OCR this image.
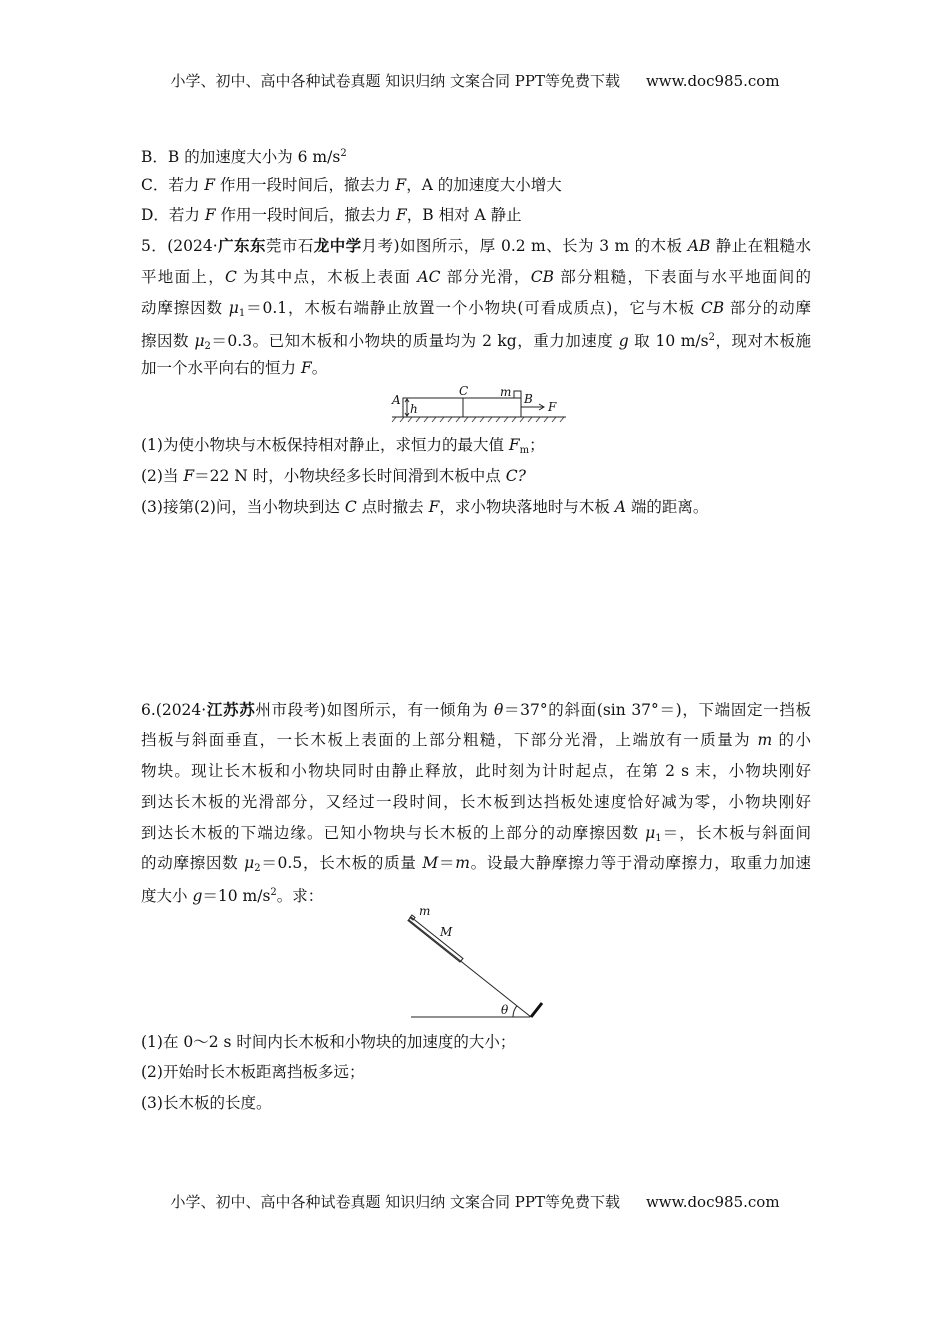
小学、初中、高中各种试卷真题 知识归纳 文案合同 PPT等免费下载 www.doc985.com
B．B 的加速度大小为 6 $m/s^2$
C．若力 F 作用一段时间后，撤去力 F，A 的加速度大小增大
D．若力 F 作用一段时间后，撤去力 F，B 相对 A 静止
5．(2024·广东东莞市石龙中学月考)如图所示，厚 0.2 m、长为 3 m 的木板 AB 静止在粗糙水
平地面上，C 为其中点，木板上表面 AC 部分光滑，CB 部分粗糙，下表面与水平地面间的
动摩擦因数 $\mu_1=0.1$，木板右端静止放置一个小物块(可看成质点)，它与木板 CB 部分的动摩
擦因数 $\mu_2=0.3$。已知木板和小物块的质量均为 2 kg，重力加速度 g 取 10 $m/s^2$，现对木板施
加一个水平向右的恒力 F。
A
h
C	m B
F
(1)为使小物块与木板保持相对静止，求恒力的最大值 $F_m$；
(2)当 F＝22 N 时，小物块经多长时间滑到木板中点 C?
(3)接第(2)问，当小物块到达 C 点时撤去 F，求小物块落地时与木板 A 端的距离。
6.(2024·江苏苏州市段考)如图所示，有一倾角为 θ＝37°的斜面(sin 37°＝)，下端固定一挡板
挡板与斜面垂直，一长木板上表面的上部分粗糙，下部分光滑，上端放有一质量为 m 的小
物块。现让长木板和小物块同时由静止释放，此时刻为计时起点，在第 2 s 末，小物块刚好
到达长木板的光滑部分，又经过一段时间，长木板到达挡板处速度恰好减为零，小物块刚好
到达长木板的下端边缘。已知小物块与长木板的上部分的动摩擦因数 $\mu_1=$，长木板与斜面间
的动摩擦因数 $\mu_2=0.5$，长木板的质量 M＝m。设最大静摩擦力等于滑动摩擦力，取重力加速
度大小 g＝10 $m/s^2$。求：
m
M
θ
(1)在 0～2 s 时间内长木板和小物块的加速度的大小；
(2)开始时长木板距离挡板多远；
(3)长木板的长度。
小学、初中、高中各种试卷真题 知识归纳 文案合同 PPT等免费下载 www.doc985.com
